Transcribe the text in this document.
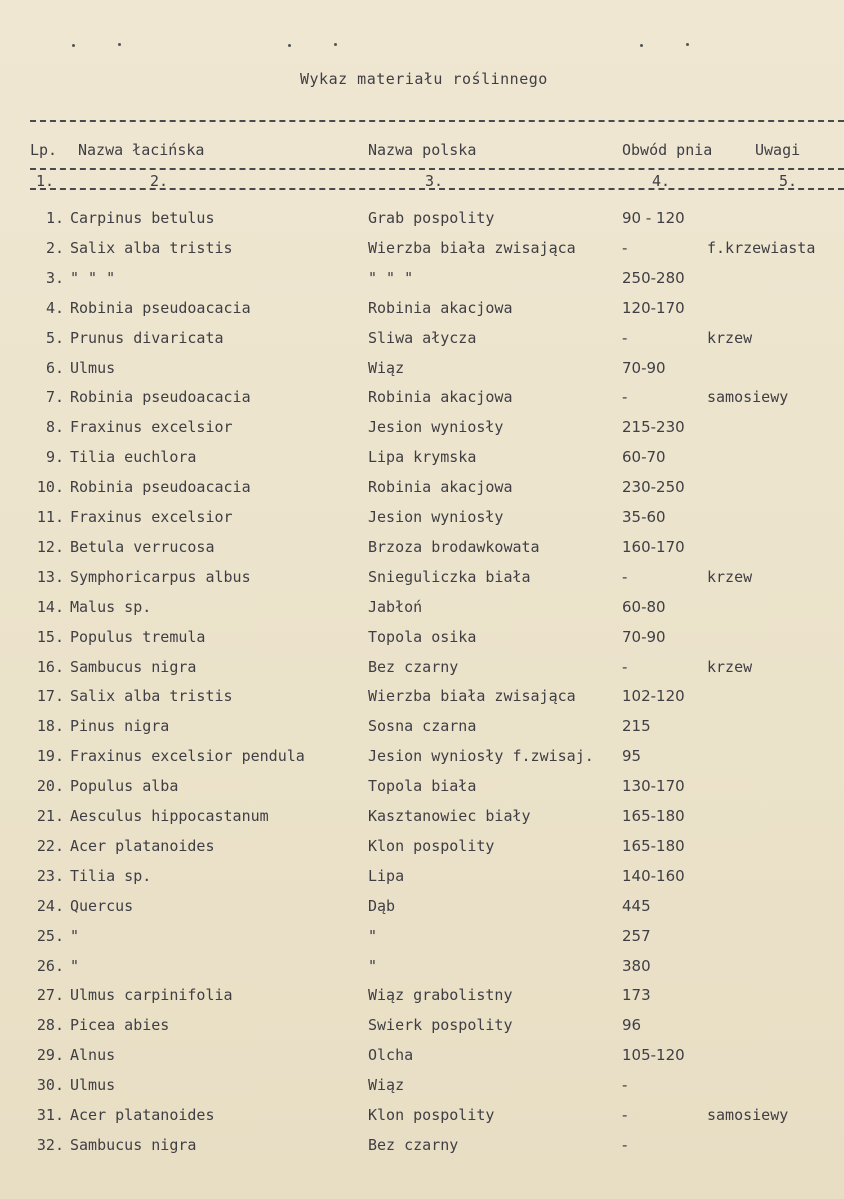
Wykaz materiału roślinnego
Lp. Nazwa łacińska	Nazwa polska	Obwód pnia	Uwagi
1.	2.	3.	4.	5.
1. Carpinus betulus	Grab pospolity	90 - 120
2. Salix alba tristis	Wierzba biała zwisająca	-	f.krzewiasta
3. " " "	" " "	250-280
4. Robinia pseudoacacia	Robinia akacjowa	120-170
5. Prunus divaricata	Sliwa ałycza	-	krzew
6. Ulmus	Wiąz	70-90
7. Robinia pseudoacacia	Robinia akacjowa	-	samosiewy
8. Fraxinus excelsior	Jesion wyniosły	215-230
9. Tilia euchlora	Lipa krymska	60-70
10. Robinia pseudoacacia	Robinia akacjowa	230-250
11. Fraxinus excelsior	Jesion wyniosły	35-60
12. Betula verrucosa	Brzoza brodawkowata	160-170
13. Symphoricarpus albus	Snieguliczka biała	-	krzew
14. Malus sp.	Jabłoń	60-80
15. Populus tremula	Topola osika	70-90
16. Sambucus nigra	Bez czarny	-	krzew
17. Salix alba tristis	Wierzba biała zwisająca	102-120
18. Pinus nigra	Sosna czarna	215
19. Fraxinus excelsior pendula	Jesion wyniosły f.zwisaj. 95
20. Populus alba	Topola biała	130-170
21. Aesculus hippocastanum	Kasztanowiec biały	165-180
22. Acer platanoides	Klon pospolity	165-180
23. Tilia sp.	Lipa	140-160
24. Quercus	Dąb	445
25. "	"	257
26. "	"	380
27. Ulmus carpinifolia	Wiąz grabolistny	173
28. Picea abies	Swierk pospolity	96
29. Alnus	Olcha	105-120
30. Ulmus	Wiąz	-
31. Acer platanoides	Klon pospolity	-	samosiewy
32. Sambucus nigra	Bez czarny	-
